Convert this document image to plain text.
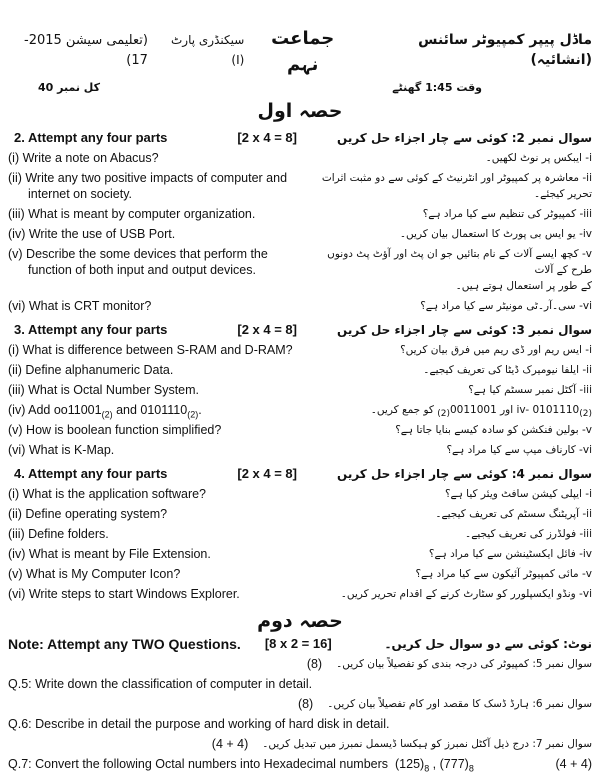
(تعلیمی سیشن 2015-17)
جماعت نہم
سیکنڈری پارٹ (I)
ماڈل پیپر کمپیوٹر سائنس (انشائیہ)
کل نمبر 40	وقت 1:45 گھنٹے
حصہ اول
2. Attempt any four parts	[2 x 4 = 8]	سوال نمبر 2: کوئی سے چار اجزاء حل کریں
(i) Write a note on Abacus?	i- ایبکس پر نوٹ لکھیں۔
(ii) Write any two positive impacts of computer and
internet on society.
ii- معاشرہ پر کمپیوٹر اور انٹرنیٹ کے کوئی سے دو مثبت اثرات تحریر کیجئے۔
(iii) What is meant by computer organization.	iii- کمپیوٹر کی تنظیم سے کیا مراد ہے؟
(iv) Write the use of USB Port.	iv- یو ایس بی پورٹ کا استعمال بیان کریں۔
(v) Describe the some devices that perform the
function of both input and output devices.
v- کچھ ایسے آلات کے نام بتائیں جو ان پٹ اور آؤٹ پٹ دونوں طرح کے آلات
کے طور پر استعمال ہوتے ہیں۔
(vi) What is CRT monitor?	vi- سی۔آر۔ٹی مونیٹر سے کیا مراد ہے؟
3. Attempt any four parts	[2 x 4 = 8]	سوال نمبر 3: کوئی سے چار اجزاء حل کریں
(i) What is difference between S-RAM and D-RAM?	i- ایس ریم اور ڈی ریم میں فرق بیان کریں؟
(ii) Define alphanumeric Data.	ii- ایلفا نیومیرک ڈیٹا کی تعریف کیجیے۔
(iii) What is Octal Number System.	iii- آکٹل نمبر سسٹم کیا ہے؟
(iv) Add $oo11001_{(2)}$ and $0101110_{(2)}$.	iv- $0101110_{(2)}$ اور $0011001_{(2)}$ کو جمع کریں۔
(v) How is boolean function simplified?	v- بولین فنکشن کو سادہ کیسے بنایا جاتا ہے؟
(vi) What is K-Map.	vi- کارناف میپ سے کیا مراد ہے؟
4. Attempt any four parts	[2 x 4 = 8]	سوال نمبر 4: کوئی سے چار اجزاء حل کریں
(i) What is the application software?	i- ایپلی کیشن سافٹ ویئر کیا ہے؟
(ii) Define operating system?	ii- آپریٹنگ سسٹم کی تعریف کیجیے۔
(iii) Define folders.	iii- فولڈرز کی تعریف کیجیے۔
(iv) What is meant by File Extension.	iv- فائل ایکسٹینشن سے کیا مراد ہے؟
(v) What is My Computer Icon?	v- مائی کمپیوٹر آئیکون سے کیا مراد ہے؟
(vi) Write steps to start Windows Explorer.	vi- ونڈو ایکسپلورر کو سٹارٹ کرنے کے اقدام تحریر کریں۔
حصہ دوم
Note: Attempt any TWO Questions. [8 x 2 = 16]	نوٹ: کوئی سے دو سوال حل کریں۔
سوال نمبر 5: کمپیوٹر کی درجہ بندی کو تفصیلاً بیان کریں۔
(8)
Q.5: Write down the classification of computer in detail.
سوال نمبر 6: ہارڈ ڈسک کا مقصد اور کام تفصیلاً بیان کریں۔
(8)
Q.6: Describe in detail the purpose and working of hard disk in detail.
سوال نمبر 7: درج ذیل آکٹل نمبرز کو ہیکسا ڈیسمل نمبرز میں تبدیل کریں۔
(4 + 4)
Q.7: Convert the following Octal numbers into Hexadecimal numbers $(125)_8$ , $(777)_8$	(4 + 4)
